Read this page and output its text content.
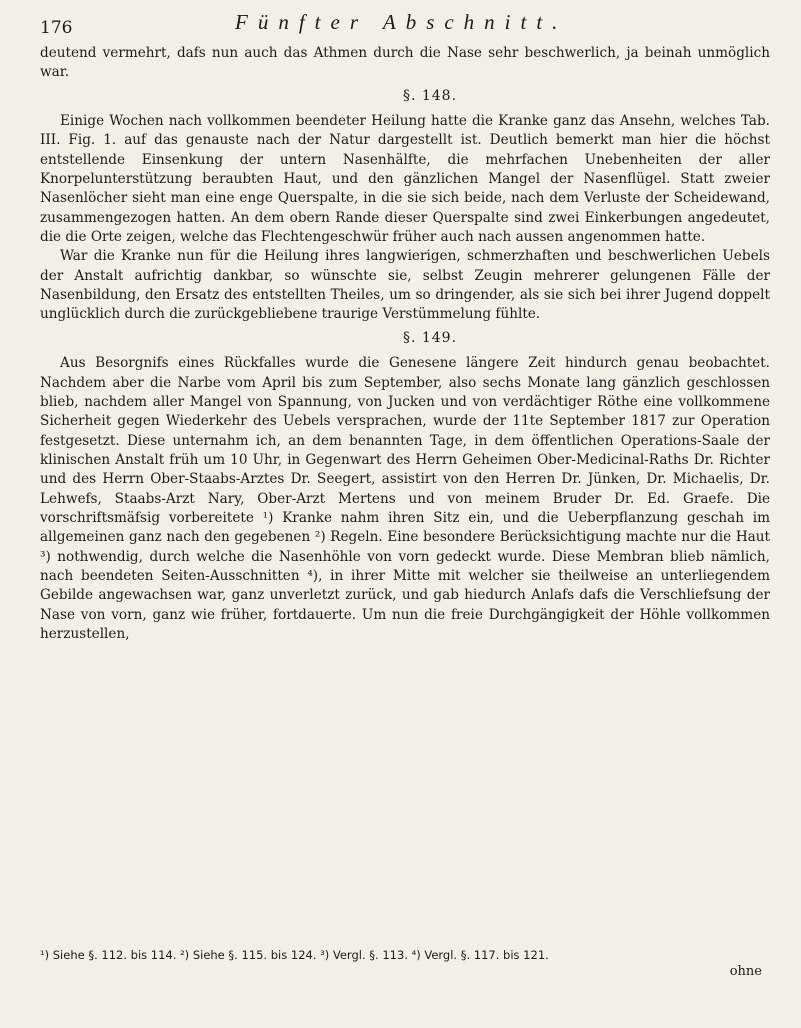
176	Fünfter Abschnitt.

deutend vermehrt, dafs nun auch das Athmen durch die Nase sehr beschwerlich, ja beinah unmöglich war.

§. 148.

Einige Wochen nach vollkommen beendeter Heilung hatte die Kranke ganz das Ansehn, welches Tab. III. Fig. 1. auf das genauste nach der Natur dargestellt ist. Deutlich bemerkt man hier die höchst entstellende Einsenkung der untern Nasenhälfte, die mehrfachen Unebenheiten der aller Knorpelunterstützung beraubten Haut, und den gänzlichen Mangel der Nasenflügel. Statt zweier Nasenlöcher sieht man eine enge Querspalte, in die sie sich beide, nach dem Verluste der Scheidewand, zusammengezogen hatten. An dem obern Rande dieser Querspalte sind zwei Einkerbungen angedeutet, die die Orte zeigen, welche das Flechtengeschwür früher auch nach aussen angenommen hatte.

War die Kranke nun für die Heilung ihres langwierigen, schmerzhaften und beschwerlichen Uebels der Anstalt aufrichtig dankbar, so wünschte sie, selbst Zeugin mehrerer gelungenen Fälle der Nasenbildung, den Ersatz des entstellten Theiles, um so dringender, als sie sich bei ihrer Jugend doppelt unglücklich durch die zurückgebliebene traurige Verstümmelung fühlte.

§. 149.

Aus Besorgnifs eines Rückfalles wurde die Genesene längere Zeit hindurch genau beobachtet. Nachdem aber die Narbe vom April bis zum September, also sechs Monate lang gänzlich geschlossen blieb, nachdem aller Mangel von Spannung, von Jucken und von verdächtiger Röthe eine vollkommene Sicherheit gegen Wiederkehr des Uebels versprachen, wurde der 11te September 1817 zur Operation festgesetzt. Diese unternahm ich, an dem benannten Tage, in dem öffentlichen Operations-Saale der klinischen Anstalt früh um 10 Uhr, in Gegenwart des Herrn Geheimen Ober-Medicinal-Raths Dr. Richter und des Herrn Ober-Staabs-Arztes Dr. Seegert, assistirt von den Herren Dr. Jünken, Dr. Michaelis, Dr. Lehwefs, Staabs-Arzt Nary, Ober-Arzt Mertens und von meinem Bruder Dr. Ed. Graefe. Die vorschriftsmäfsig vorbereitete ¹) Kranke nahm ihren Sitz ein, und die Ueberpflanzung geschah im allgemeinen ganz nach den gegebenen ²) Regeln. Eine besondere Berücksichtigung machte nur die Haut ³) nothwendig, durch welche die Nasenhöhle von vorn gedeckt wurde. Diese Membran blieb nämlich, nach beendeten Seiten-Ausschnitten ⁴), in ihrer Mitte mit welcher sie theilweise an unterliegendem Gebilde angewachsen war, ganz unverletzt zurück, und gab hiedurch Anlafs dafs die Verschliefsung der Nase von vorn, ganz wie früher, fortdauerte. Um nun die freie Durchgängigkeit der Höhle vollkommen herzustellen,

¹) Siehe §. 112. bis 114. ²) Siehe §. 115. bis 124. ³) Vergl. §. 113. ⁴) Vergl. §. 117. bis 121.
ohne
